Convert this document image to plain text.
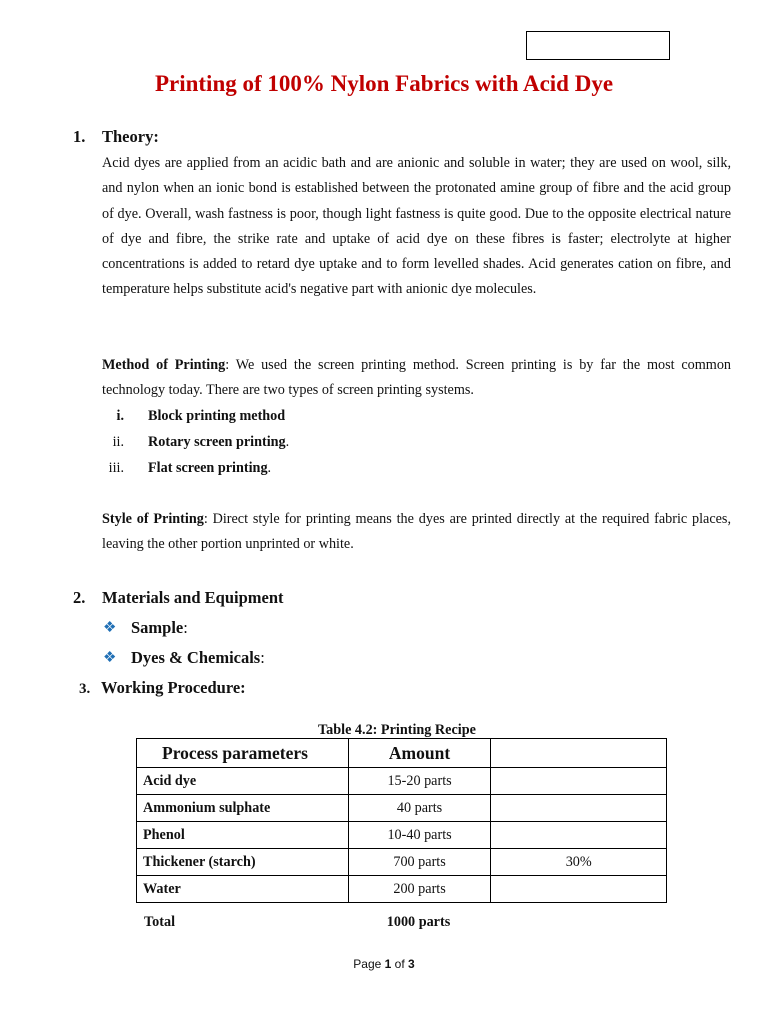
Printing of 100% Nylon Fabrics with Acid Dye
1. Theory:

Acid dyes are applied from an acidic bath and are anionic and soluble in water; they are used on wool, silk, and nylon when an ionic bond is established between the protonated amine group of fibre and the acid group of dye. Overall, wash fastness is poor, though light fastness is quite good. Due to the opposite electrical nature of dye and fibre, the strike rate and uptake of acid dye on these fibres is faster; electrolyte at higher concentrations is added to retard dye uptake and to form levelled shades. Acid generates cation on fibre, and temperature helps substitute acid's negative part with anionic dye molecules.

Method of Printing: We used the screen printing method. Screen printing is by far the most common technology today. There are two types of screen printing systems.

i. Block printing method
ii. Rotary screen printing.
iii. Flat screen printing.

Style of Printing: Direct style for printing means the dyes are printed directly at the required fabric places, leaving the other portion unprinted or white.

2. Materials and Equipment
❖ Sample:
❖ Dyes & Chemicals:
3. Working Procedure:
Table 4.2: Printing Recipe
Process parameters	Amount	
Acid dye	15-20 parts	
Ammonium sulphate	40 parts	
Phenol	10-40 parts	
Thickener (starch)	700 parts	30%
Water	200 parts	
Total	1000 parts
Page 1 of 3
